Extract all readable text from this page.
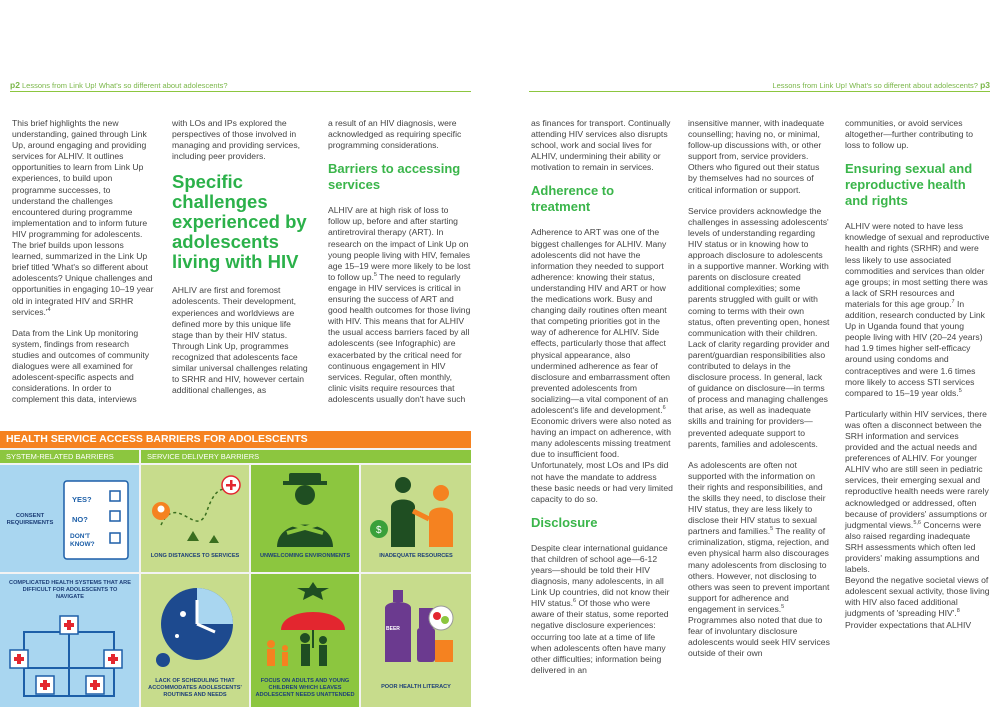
p2 Lessons from Link Up! What's so different about adolescents?	Lessons from Link Up! What's so different about adolescents? p3

This brief highlights the new understanding, gained through Link Up, around engaging and providing services for ALHIV. It outlines opportunities to learn from Link Up experiences, to build upon programme successes, to understand the challenges encountered during programme implementation and to inform future HIV programming for adolescents. The brief builds upon lessons learned, summarized in the Link Up brief titled 'What's so different about adolescents? Unique challenges and opportunities in engaging 10–19 year old in integrated HIV and SRHR $services.'^4$

Data from the Link Up monitoring system, findings from research studies and outcomes of community dialogues were all examined for adolescent-specific aspects and considerations. In order to complement this data, interviews

with LOs and IPs explored the perspectives of those involved in managing and providing services, including peer providers.

Specific challenges experienced by adolescents living with HIV

AHLIV are first and foremost adolescents. Their development, experiences and worldviews are defined more by this unique life stage than by their HIV status. Through Link Up, programmes recognized that adolescents face similar universal challenges relating to SRHR and HIV, however certain additional challenges, as

a result of an HIV diagnosis, were acknowledged as requiring specific programming considerations.

Barriers to accessing services

ALHIV are at high risk of loss to follow up, before and after starting antiretroviral therapy (ART). In research on the impact of Link Up on young people living with HIV, females age 15–19 were more likely to be lost to follow up.$^5$ The need to regularly engage in HIV services is critical in ensuring the success of ART and good health outcomes for those living with HIV. This means that for ALHIV the usual access barriers faced by all adolescents (see Infographic) are exacerbated by the critical need for continuous engagement in HIV services. Regular, often monthly, clinic visits require resources that adolescents usually don't have such

as finances for transport. Continually attending HIV services also disrupts school, work and social lives for ALHIV, undermining their ability or motivation to remain in services.

Adherence to treatment

Adherence to ART was one of the biggest challenges for ALHIV. Many adolescents did not have the information they needed to support adherence: knowing their status, understanding HIV and ART or how the medications work. Busy and changing daily routines often meant that competing priorities got in the way of adherence for ALHIV. Side effects, particularly those that affect physical appearance, also undermined adherence as fear of disclosure and embarrassment often prevented adolescents from socializing—a vital component of an adolescent's life and development.$^6$ Economic drivers were also noted as having an impact on adherence, with many adolescents missing treatment due to insufficient food. Unfortunately, most LOs and IPs did not have the mandate to address these basic needs or had very limited capacity to do so.

Disclosure

Despite clear international guidance that children of school age—6-12 years—should be told their HIV diagnosis, many adolescents, in all Link Up countries, did not know their HIV status.$^6$ Of those who were aware of their status, some reported negative disclosure experiences: occurring too late at a time of life when adolescents often have many other difficulties; information being delivered in an

insensitive manner, with inadequate counselling; having no, or minimal, follow-up discussions with, or other support from, service providers. Others who figured out their status by themselves had no sources of critical information or support.

Service providers acknowledge the challenges in assessing adolescents' levels of understanding regarding HIV status or in knowing how to approach disclosure to adolescents in a supportive manner. Working with parents on disclosure created additional complexities; some parents struggled with guilt or with coming to terms with their own status, often preventing open, honest communication with their children. Lack of clarity regarding provider and parent/guardian responsibilities also contributed to delays in the disclosure process. In general, lack of guidance on disclosure—in terms of process and managing challenges that arise, as well as inadequate skills and training for providers—prevented adequate support to parents, families and adolescents.

As adolescents are often not supported with the information on their rights and responsibilities, and the skills they need, to disclose their HIV status, they are less likely to disclose their HIV status to sexual partners and families.$^5$ The reality of criminalization, stigma, rejection, and even physical harm also discourages many adolescents from disclosing to others. However, not disclosing to others was seen to prevent important support for adherence and engagement in services.$^5$ Programmes also noted that due to fear of involuntary disclosure adolescents would seek HIV services outside of their own

communities, or avoid services altogether—further contributing to loss to follow up.

Ensuring sexual and reproductive health and rights

ALHIV were noted to have less knowledge of sexual and reproductive health and rights (SRHR) and were less likely to use associated commodities and services than older age groups; in most setting there was a lack of SRH resources and materials for this age group.$^7$ In addition, research conducted by Link Up in Uganda found that young people living with HIV (20–24 years) had 1.9 times higher self-efficacy around using condoms and contraceptives and were 1.6 times more likely to access STI services compared to 15–19 year olds.$^5$

Particularly within HIV services, there was often a disconnect between the SRH information and services provided and the actual needs and preferences of ALHIV. For younger ALHIV who are still seen in pediatric services, their emerging sexual and reproductive health needs were rarely acknowledged or addressed, often because of providers' assumptions or judgmental views.$^{5,6}$ Concerns were also raised regarding inadequate SRH assessments which often led providers' making assumptions and labels.
Beyond the negative societal views of adolescent sexual activity, those living with HIV also faced additional judgments of 'spreading HIV'.$^8$ Provider expectations that ALHIV

HEALTH SERVICE ACCESS BARRIERS FOR ADOLESCENTS
SYSTEM-RELATED BARRIERS	SERVICE DELIVERY BARRIERS
CONSENT REQUIREMENTS
YES?
NO?
DON'T KNOW?
COMPLICATED HEALTH SYSTEMS THAT ARE DIFFICULT FOR ADOLESCENTS TO NAVIGATE
LONG DISTANCES TO SERVICES	UNWELCOMING ENVIRONMENTS
$
INADEQUATE RESOURCES
LACK OF SCHEDULING THAT ACCOMMODATES ADOLESCENTS' ROUTINES AND NEEDS
FOCUS ON ADULTS AND YOUNG CHILDREN WHICH LEAVES ADOLESCENT NEEDS UNATTENDED
BEER
POOR HEALTH LITERACY
